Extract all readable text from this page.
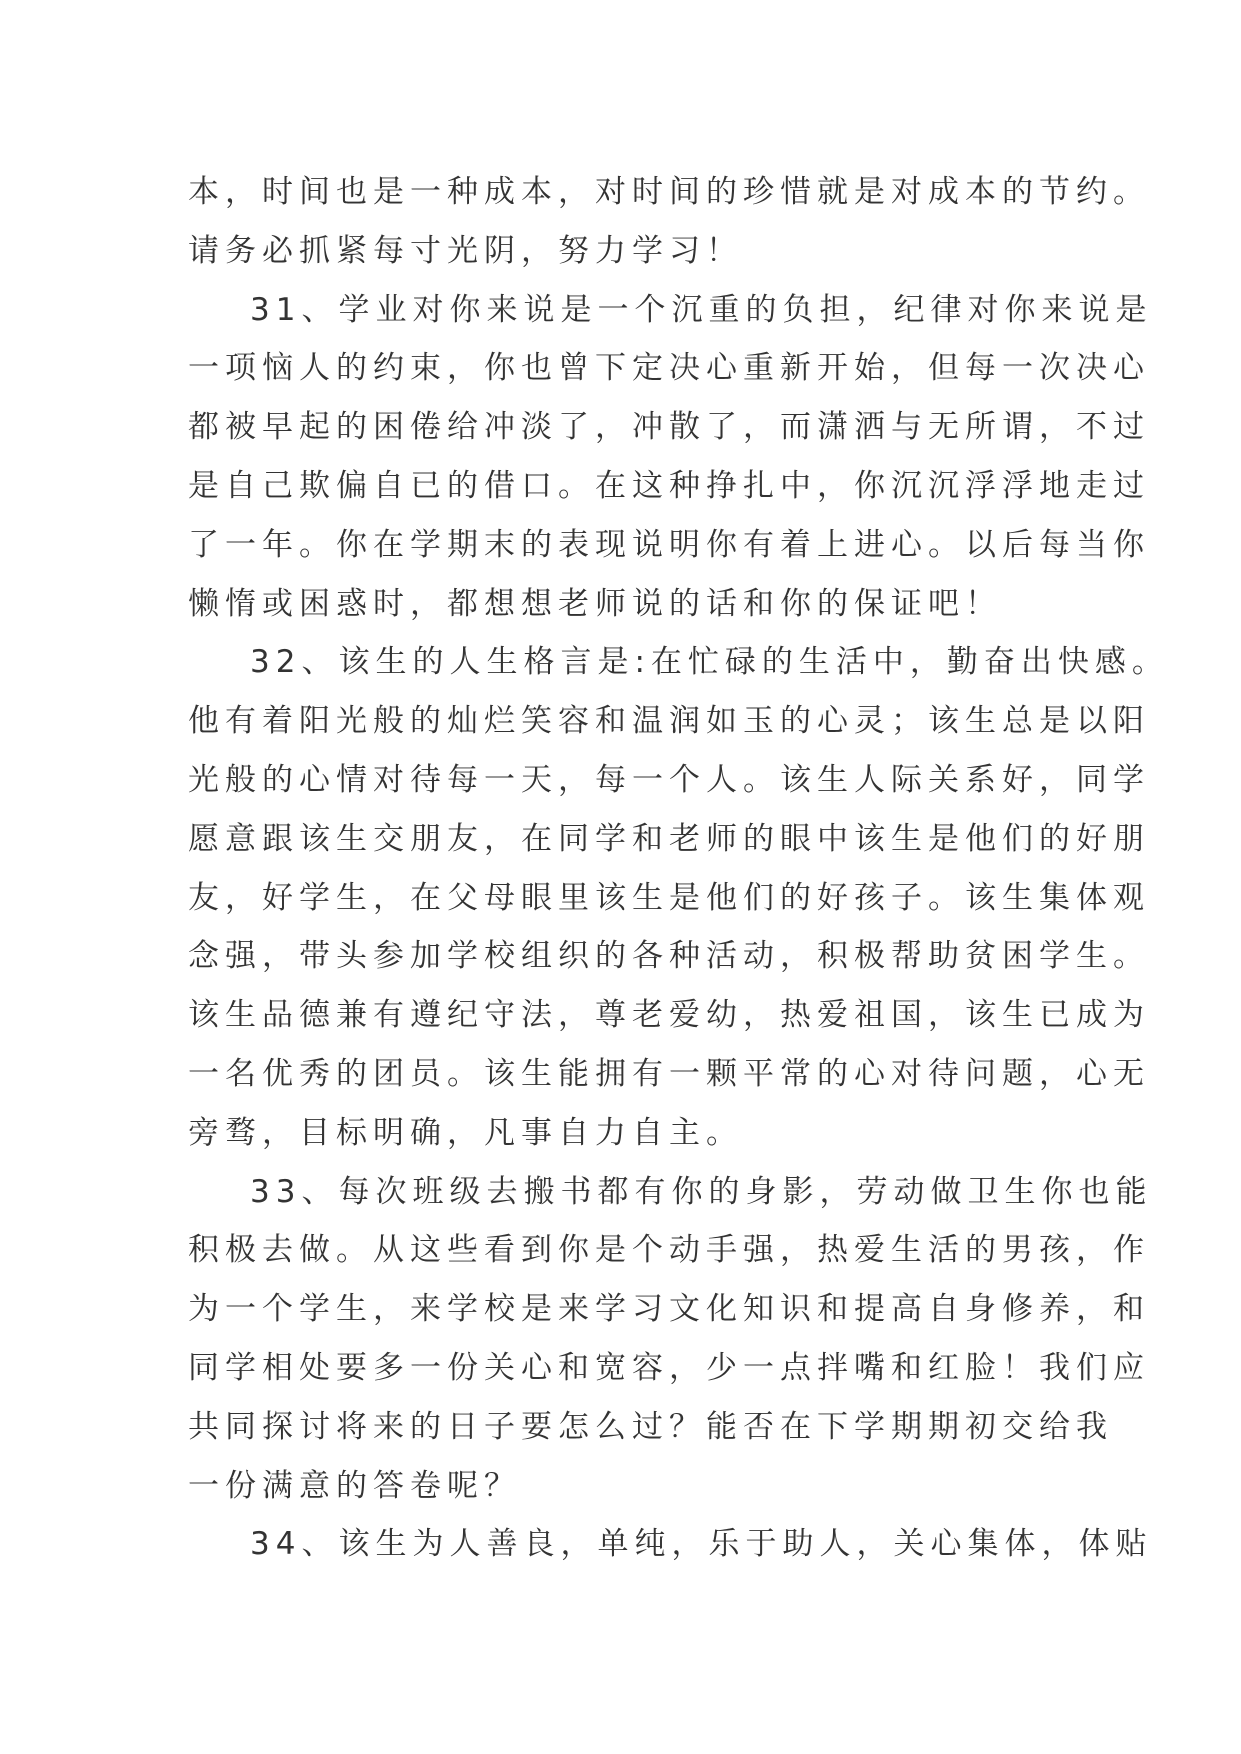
本，时间也是一种成本，对时间的珍惜就是对成本的节约。
请务必抓紧每寸光阴，努力学习！
31、学业对你来说是一个沉重的负担，纪律对你来说是
一项恼人的约束，你也曾下定决心重新开始，但每一次决心
都被早起的困倦给冲淡了，冲散了，而潇洒与无所谓，不过
是自己欺偏自已的借口。在这种挣扎中，你沉沉浮浮地走过
了一年。你在学期末的表现说明你有着上进心。以后每当你
懒惰或困惑时，都想想老师说的话和你的保证吧！
32、该生的人生格言是:在忙碌的生活中，勤奋出快感。
他有着阳光般的灿烂笑容和温润如玉的心灵；该生总是以阳
光般的心情对待每一天，每一个人。该生人际关系好，同学
愿意跟该生交朋友，在同学和老师的眼中该生是他们的好朋
友，好学生，在父母眼里该生是他们的好孩子。该生集体观
念强，带头参加学校组织的各种活动，积极帮助贫困学生。
该生品德兼有遵纪守法，尊老爱幼，热爱祖国，该生已成为
一名优秀的团员。该生能拥有一颗平常的心对待问题，心无
旁骛，目标明确，凡事自力自主。
33、每次班级去搬书都有你的身影，劳动做卫生你也能
积极去做。从这些看到你是个动手强，热爱生活的男孩，作
为一个学生，来学校是来学习文化知识和提高自身修养，和
同学相处要多一份关心和宽容，少一点拌嘴和红脸！我们应
共同探讨将来的日子要怎么过？能否在下学期期初交给我
一份满意的答卷呢？
34、该生为人善良，单纯，乐于助人，关心集体，体贴
